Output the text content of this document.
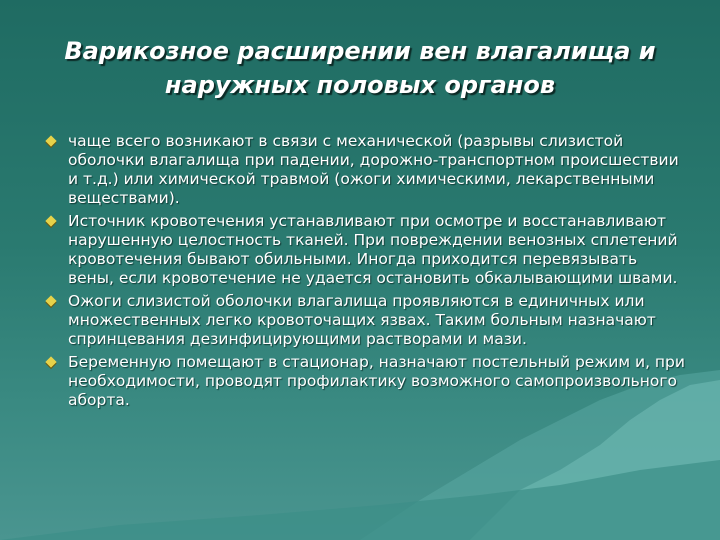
Варикозное расширении вен влагалища и
наружных половых органов
чаще всего возникают в связи с механической (разрывы слизистой оболочки влагалища при падении, дорожно-транспортном происшествии и т.д.) или химической травмой (ожоги химическими, лекарственными веществами).
Источник кровотечения устанавливают при осмотре и восстанавливают нарушенную целостность тканей. При повреждении венозных сплетений кровотечения бывают обильными. Иногда приходится перевязывать вены, если кровотечение не удается остановить обкалывающими швами.
Ожоги слизистой оболочки влагалища проявляются в единичных или множественных легко кровоточащих язвах. Таким больным назначают спринцевания дезинфицирующими растворами и мази.
Беременную помещают в стационар, назначают постельный режим и, при необходимости, проводят профилактику возможного самопроизвольного аборта.
